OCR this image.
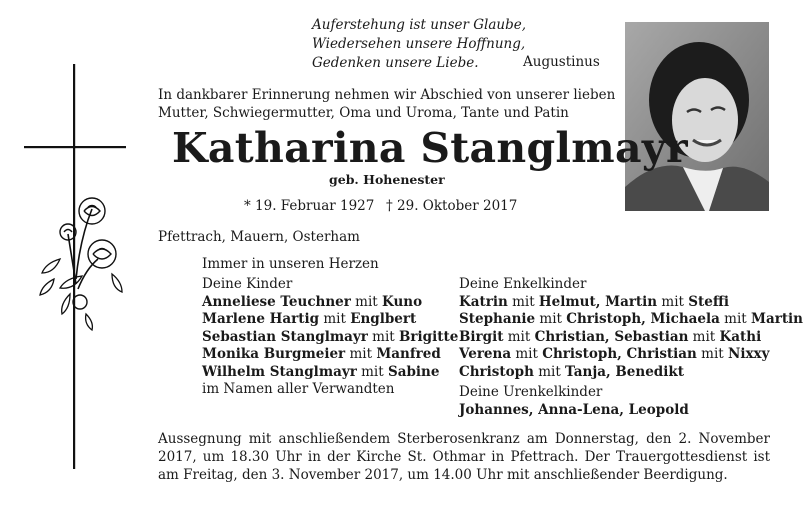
Auferstehung ist unser Glaube,
Wiedersehen unsere Hoffnung,
Gedenken unsere Liebe.	Augustinus
In dankbarer Erinnerung nehmen wir Abschied von unserer lieben
Mutter, Schwiegermutter, Oma und Uroma, Tante und Patin
Katharina Stanglmayr
geb. Hohenester
* 19. Februar 1927 † 29. Oktober 2017
Pfettrach, Mauern, Osterham
Immer in unseren Herzen
Deine Kinder
Anneliese Teuchner mit Kuno
Marlene Hartig mit Englbert
Sebastian Stanglmayr mit Brigitte
Monika Burgmeier mit Manfred
Wilhelm Stanglmayr mit Sabine
im Namen aller Verwandten
Deine Enkelkinder
Katrin mit Helmut, Martin mit Steffi
Stephanie mit Christoph, Michaela mit Martin
Birgit mit Christian, Sebastian mit Kathi
Verena mit Christoph, Christian mit Nixxy
Christoph mit Tanja, Benedikt
Deine Urenkelkinder
Johannes, Anna-Lena, Leopold
Aussegnung mit anschließendem Sterberosenkranz am Donnerstag, den 2. November 2017, um 18.30 Uhr in der Kirche St. Othmar in Pfettrach. Der Trauergottesdienst ist am Freitag, den 3. November 2017, um 14.00 Uhr mit anschließender Beerdigung.
